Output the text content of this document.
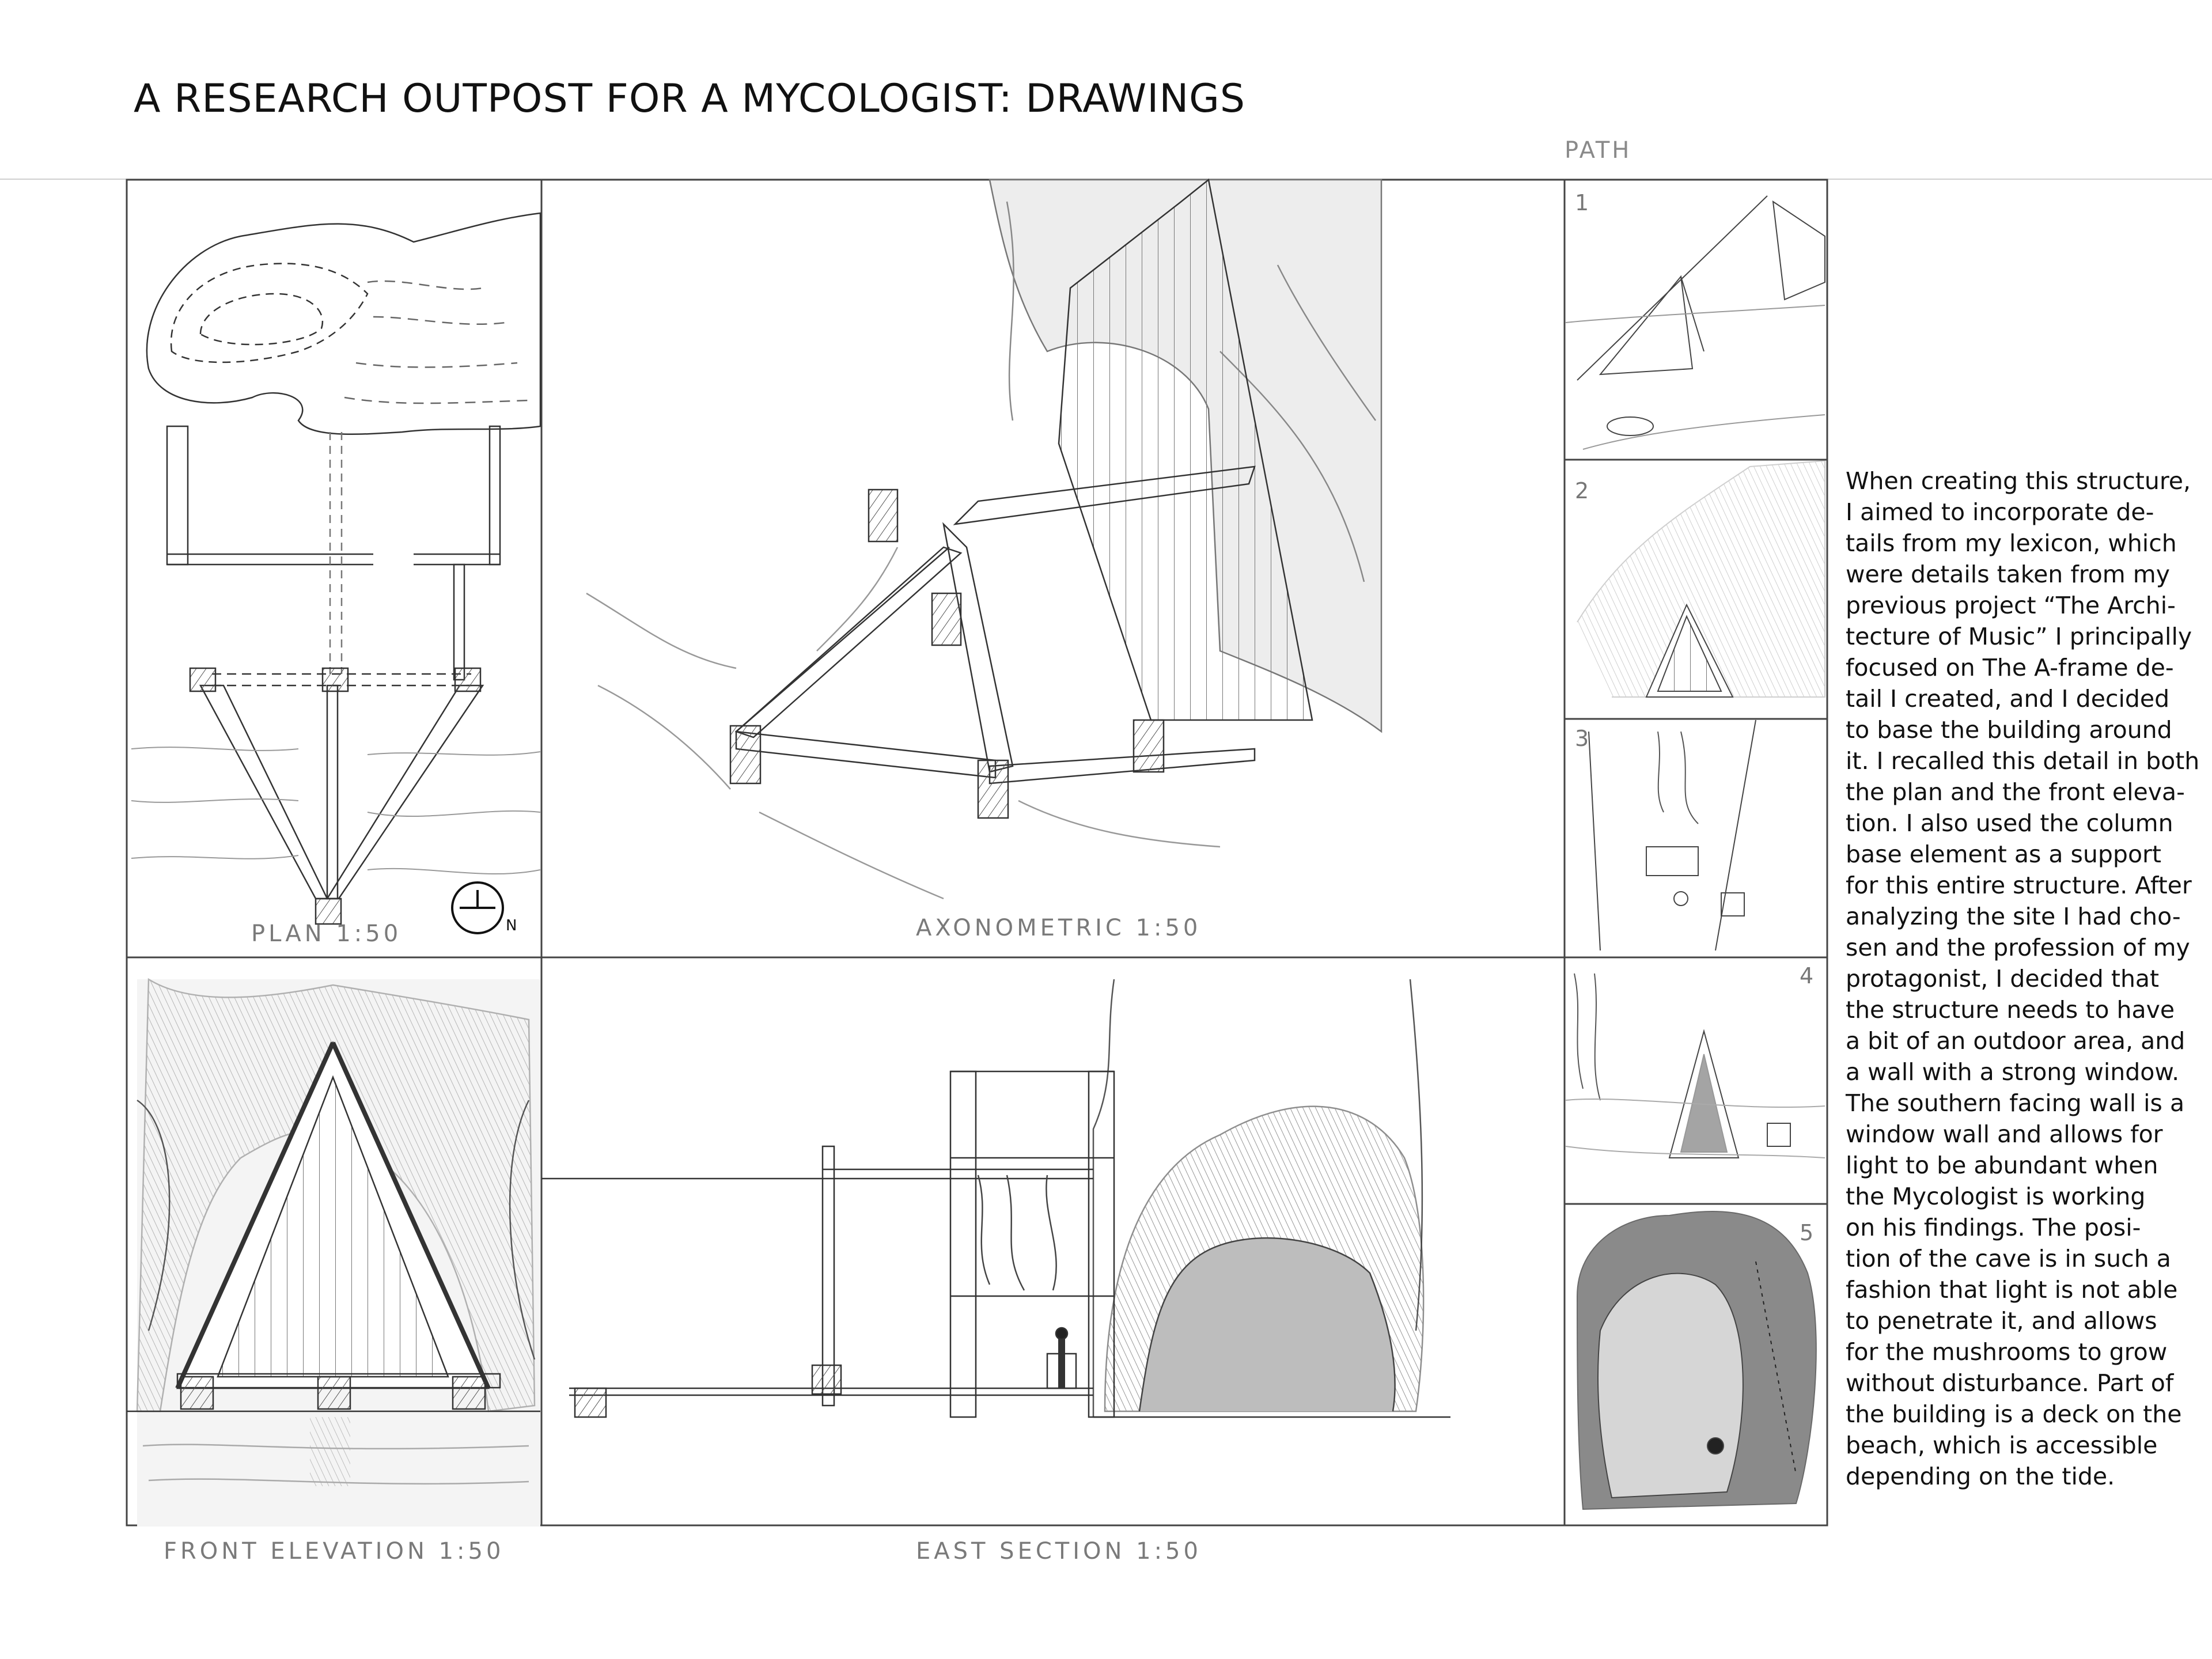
A RESEARCH OUTPOST FOR A MYCOLOGIST: DRAWINGS
PATH
PLAN 1:50	N	AXONOMETRIC 1:50
FRONT ELEVATION 1:50	EAST SECTION 1:50
1
2
3
4
5
When creating this structure,
I aimed to incorporate de-
tails from my lexicon, which
were details taken from my
previous project “The Archi-
tecture of Music” I principally
focused on The A-frame de-
tail I created, and I decided
to base the building around
it. I recalled this detail in both
the plan and the front eleva-
tion. I also used the column
base element as a support
for this entire structure. After
analyzing the site I had cho-
sen and the profession of my
protagonist, I decided that
the structure needs to have
a bit of an outdoor area, and
a wall with a strong window.
The southern facing wall is a
window wall and allows for
light to be abundant when
the Mycologist is working
on his findings. The posi-
tion of the cave is in such a
fashion that light is not able
to penetrate it, and allows
for the mushrooms to grow
without disturbance. Part of
the building is a deck on the
beach, which is accessible
depending on the tide.
